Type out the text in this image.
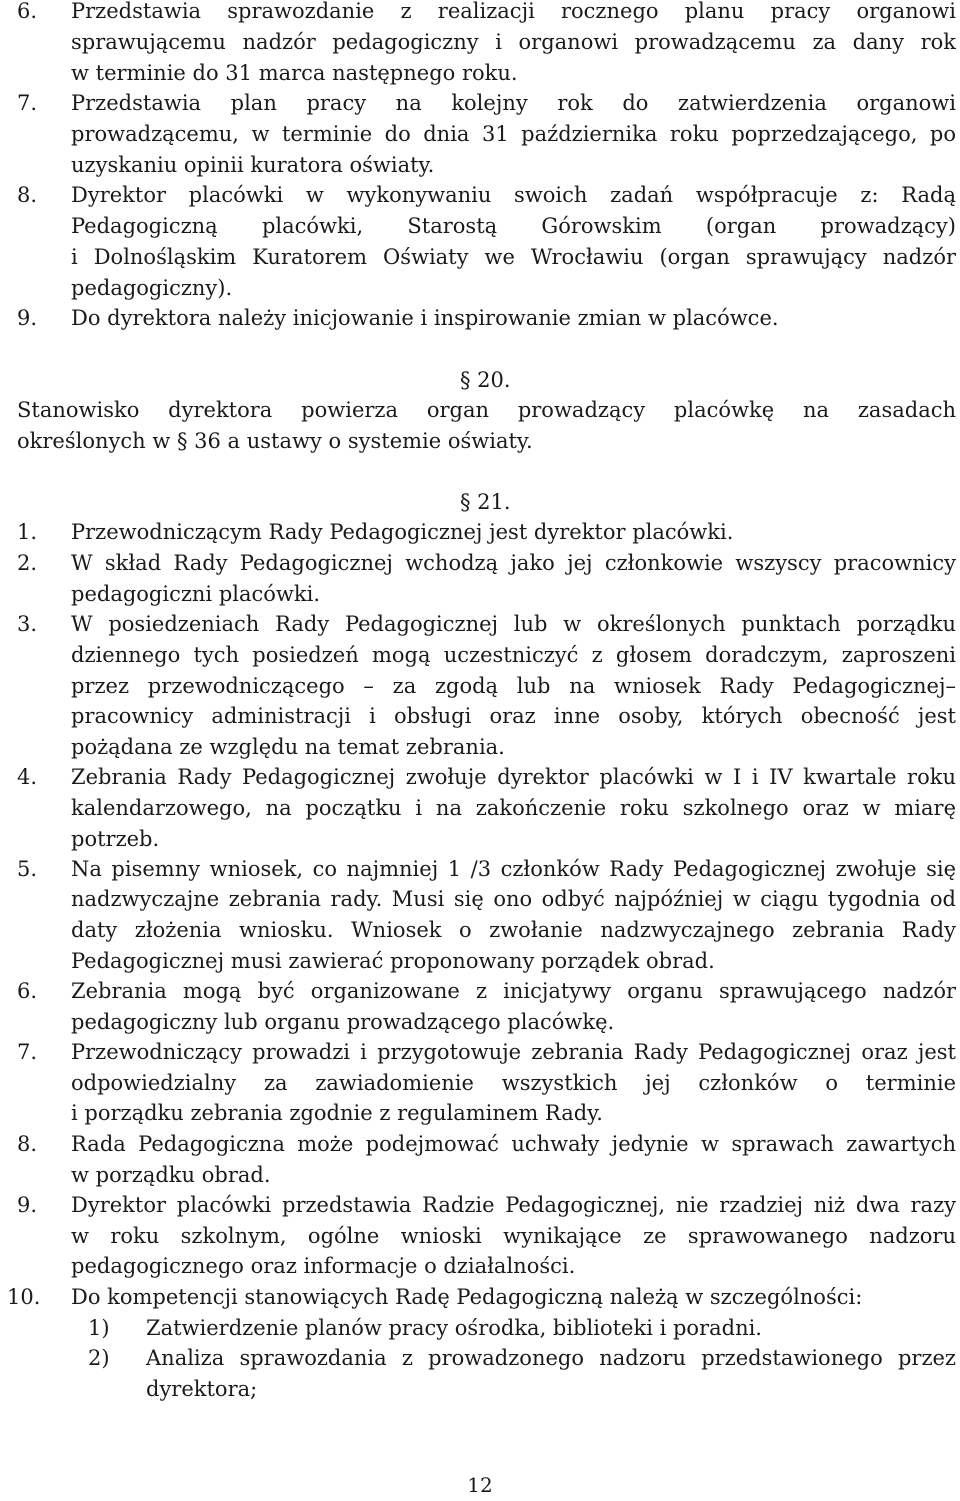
6. Przedstawia sprawozdanie z realizacji rocznego planu pracy organowi
sprawującemu nadzór pedagogiczny i organowi prowadzącemu za dany rok
w terminie do 31 marca następnego roku.
7. Przedstawia plan pracy na kolejny rok do zatwierdzenia organowi
prowadzącemu, w terminie do dnia 31 października roku poprzedzającego, po
uzyskaniu opinii kuratora oświaty.
8. Dyrektor placówki w wykonywaniu swoich zadań współpracuje z: Radą
Pedagogiczną placówki, Starostą Górowskim (organ prowadzący)
i Dolnośląskim Kuratorem Oświaty we Wrocławiu (organ sprawujący nadzór
pedagogiczny).
9. Do dyrektora należy inicjowanie i inspirowanie zmian w placówce.
§ 20.
Stanowisko dyrektora powierza organ prowadzący placówkę na zasadach
określonych w § 36 a ustawy o systemie oświaty.
§ 21.
1. Przewodniczącym Rady Pedagogicznej jest dyrektor placówki.
2. W skład Rady Pedagogicznej wchodzą jako jej członkowie wszyscy pracownicy
pedagogiczni placówki.
3. W posiedzeniach Rady Pedagogicznej lub w określonych punktach porządku
dziennego tych posiedzeń mogą uczestniczyć z głosem doradczym, zaproszeni
przez przewodniczącego – za zgodą lub na wniosek Rady Pedagogicznej–
pracownicy administracji i obsługi oraz inne osoby, których obecność jest
pożądana ze względu na temat zebrania.
4. Zebrania Rady Pedagogicznej zwołuje dyrektor placówki w I i IV kwartale roku
kalendarzowego, na początku i na zakończenie roku szkolnego oraz w miarę
potrzeb.
5. Na pisemny wniosek, co najmniej 1 /3 członków Rady Pedagogicznej zwołuje się
nadzwyczajne zebrania rady. Musi się ono odbyć najpóźniej w ciągu tygodnia od
daty złożenia wniosku. Wniosek o zwołanie nadzwyczajnego zebrania Rady
Pedagogicznej musi zawierać proponowany porządek obrad.
6. Zebrania mogą być organizowane z inicjatywy organu sprawującego nadzór
pedagogiczny lub organu prowadzącego placówkę.
7. Przewodniczący prowadzi i przygotowuje zebrania Rady Pedagogicznej oraz jest
odpowiedzialny za zawiadomienie wszystkich jej członków o terminie
i porządku zebrania zgodnie z regulaminem Rady.
8. Rada Pedagogiczna może podejmować uchwały jedynie w sprawach zawartych
w porządku obrad.
9. Dyrektor placówki przedstawia Radzie Pedagogicznej, nie rzadziej niż dwa razy
w roku szkolnym, ogólne wnioski wynikające ze sprawowanego nadzoru
pedagogicznego oraz informacje o działalności.
10. Do kompetencji stanowiących Radę Pedagogiczną należą w szczególności:
1) Zatwierdzenie planów pracy ośrodka, biblioteki i poradni.
2) Analiza sprawozdania z prowadzonego nadzoru przedstawionego przez
dyrektora;
12
